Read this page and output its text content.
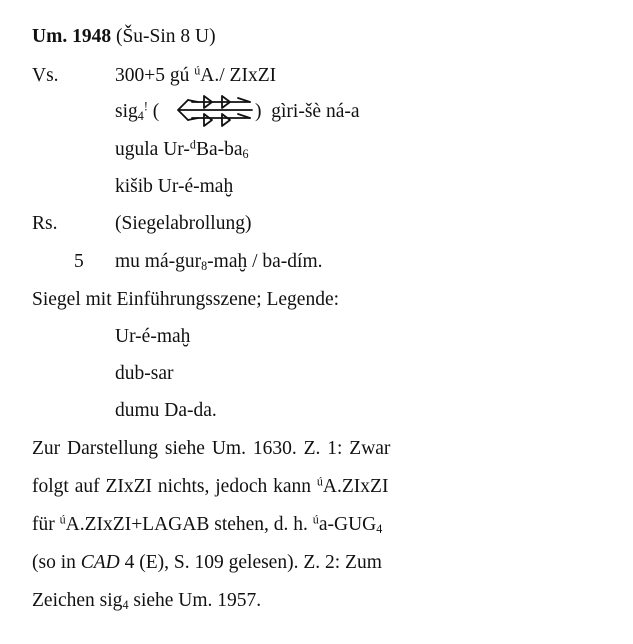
Um. 1948 (Šu-Sin 8 U)
Vs.	300+5 gú $^ú$A./ ZIxZI
sig$_4$! (	) gìri-šè ná-a
ugula $Ur-^dBa-ba_6$
kišib Ur-é-maḫ
Rs.	(Siegelabrollung)
5 mu má-gur$_8$-maḫ / ba-dím.
Siegel mit Einführungsszene; Legende:
Ur-é-maḫ
dub-sar
dumu Da-da.
Zur Darstellung siehe Um. 1630. Z. 1: Zwar
folgt auf ZIxZI nichts, jedoch kann $^ú$A.ZIxZI
für $^ú$A.ZIxZI+LAGAB stehen, d. h. $^úa-GUG_4$
(so in CAD 4 (E), S. 109 gelesen). Z. 2: Zum
Zeichen sig$_4$ siehe Um. 1957.
